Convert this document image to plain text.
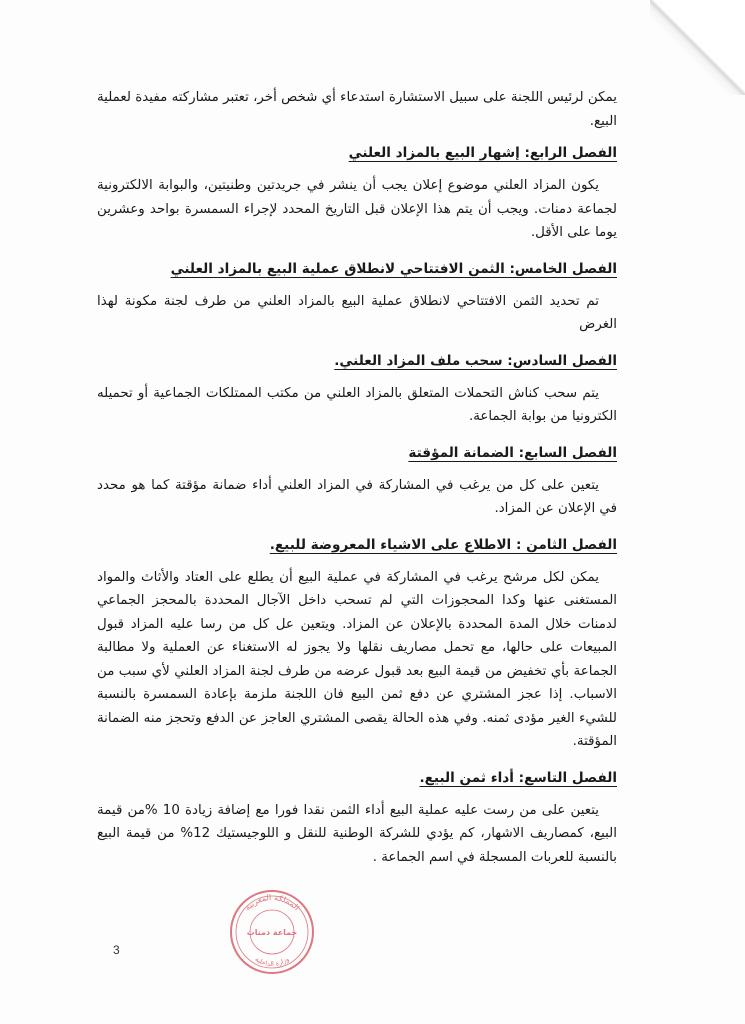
يمكن لرئيس اللجنة على سبيل الاستشارة استدعاء أي شخص أخر، تعتبر مشاركته مفيدة لعملية البيع.

الفصل الرابع: إشهار البيع بالمزاد العلني

يكون المزاد العلني موضوع إعلان يجب أن ينشر في جريدتين وطنيتين، والبوابة الالكترونية لجماعة دمنات. ويجب أن يتم هذا الإعلان قبل التاريخ المحدد لإجراء السمسرة بواحد وعشرين يوما على الأقل.

الفصل الخامس: الثمن الافتتاحي لانطلاق عملية البيع بالمزاد العلني

تم تحديد الثمن الافتتاحي لانطلاق عملية البيع بالمزاد العلني من طرف لجنة مكونة لهذا الغرض

الفصل السادس: سحب ملف المزاد العلني.

يتم سحب كناش التحملات المتعلق بالمزاد العلني من مكتب الممتلكات الجماعية أو تحميله الكترونيا من بوابة الجماعة.

الفصل السابع: الضمانة المؤقتة

يتعين على كل من يرغب في المشاركة في المزاد العلني أداء ضمانة مؤقتة كما هو محدد في الإعلان عن المزاد.

الفصل الثامن : الاطلاع على الاشياء المعروضة للبيع.

يمكن لكل مرشح يرغب في المشاركة في عملية البيع أن يطلع على العتاد والأثاث والمواد المستغنى عنها وكدا المحجوزات التي لم تسحب داخل الآجال المحددة بالمحجز الجماعي لدمنات خلال المدة المحددة بالإعلان عن المزاد. ويتعين عل كل من رسا عليه المزاد قبول المبيعات على حالها، مع تحمل مصاريف نقلها ولا يجوز له الاستغناء عن العملية ولا مطالبة الجماعة بأي تخفيض من قيمة البيع بعد قبول عرضه من طرف لجنة المزاد العلني لأي سبب من الاسباب. إذا عجز المشتري عن دفع ثمن البيع فان اللجنة ملزمة بإعادة السمسرة بالنسبة للشيء الغير مؤدى ثمنه. وفي هذه الحالة يقصى المشتري العاجز عن الدفع وتحجز منه الضمانة المؤقتة.

الفصل التاسع: أداء ثمن البيع.

يتعين على من رست عليه عملية البيع أداء الثمن نقدا فورا مع إضافة زيادة 10 %من قيمة البيع، كمصاريف الاشهار، كم يؤدي للشركة الوطنية للنقل و اللوجيستيك 12% من قيمة البيع بالنسبة للعربات المسجلة في اسم الجماعة .

المملكة المغربية
وزارة الداخلية
جماعة دمنات
3
